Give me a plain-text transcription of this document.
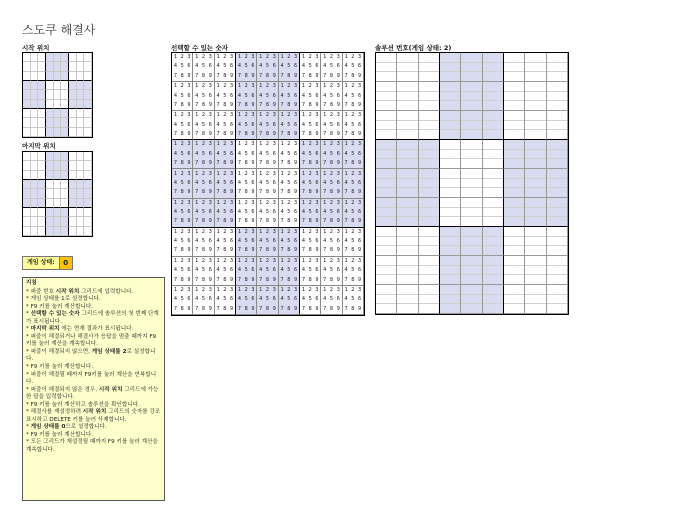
스도쿠 해결사
시작 위치
마지막 위치
선택할 수 있는 숫자
1 2 3
4 5 6
7 8 9
1 2 3
4 5 6
7 8 9
1 2 3
4 5 6
7 8 9
1 2 3
4 5 6
7 8 9
1 2 3
4 5 6
7 8 9
1 2 3
4 5 6
7 8 9
1 2 3
4 5 6
7 8 9
1 2 3
4 5 6
7 8 9
1 2 3
4 5 6
7 8 9
1 2 3
4 5 6
7 8 9
1 2 3
4 5 6
7 8 9
1 2 3
4 5 6
7 8 9
1 2 3
4 5 6
7 8 9
1 2 3
4 5 6
7 8 9
1 2 3
4 5 6
7 8 9
1 2 3
4 5 6
7 8 9
1 2 3
4 5 6
7 8 9
1 2 3
4 5 6
7 8 9
1 2 3
4 5 6
7 8 9
1 2 3
4 5 6
7 8 9
1 2 3
4 5 6
7 8 9
1 2 3
4 5 6
7 8 9
1 2 3
4 5 6
7 8 9
1 2 3
4 5 6
7 8 9
1 2 3
4 5 6
7 8 9
1 2 3
4 5 6
7 8 9
1 2 3
4 5 6
7 8 9
1 2 3
4 5 6
7 8 9
1 2 3
4 5 6
7 8 9
1 2 3
4 5 6
7 8 9
1 2 3
4 5 6
7 8 9
1 2 3
4 5 6
7 8 9
1 2 3
4 5 6
7 8 9
1 2 3
4 5 6
7 8 9
1 2 3
4 5 6
7 8 9
1 2 3
4 5 6
7 8 9
1 2 3
4 5 6
7 8 9
1 2 3
4 5 6
7 8 9
1 2 3
4 5 6
7 8 9
1 2 3
4 5 6
7 8 9
1 2 3
4 5 6
7 8 9
1 2 3
4 5 6
7 8 9
1 2 3
4 5 6
7 8 9
1 2 3
4 5 6
7 8 9
1 2 3
4 5 6
7 8 9
1 2 3
4 5 6
7 8 9
1 2 3
4 5 6
7 8 9
1 2 3
4 5 6
7 8 9
1 2 3
4 5 6
7 8 9
1 2 3
4 5 6
7 8 9
1 2 3
4 5 6
7 8 9
1 2 3
4 5 6
7 8 9
1 2 3
4 5 6
7 8 9
1 2 3
4 5 6
7 8 9
1 2 3
4 5 6
7 8 9
1 2 3
4 5 6
7 8 9
1 2 3
4 5 6
7 8 9
1 2 3
4 5 6
7 8 9
1 2 3
4 5 6
7 8 9
1 2 3
4 5 6
7 8 9
1 2 3
4 5 6
7 8 9
1 2 3
4 5 6
7 8 9
1 2 3
4 5 6
7 8 9
1 2 3
4 5 6
7 8 9
1 2 3
4 5 6
7 8 9
1 2 3
4 5 6
7 8 9
1 2 3
4 5 6
7 8 9
1 2 3
4 5 6
7 8 9
1 2 3
4 5 6
7 8 9
1 2 3
4 5 6
7 8 9
1 2 3
4 5 6
7 8 9
1 2 3
4 5 6
7 8 9
1 2 3
4 5 6
7 8 9
1 2 3
4 5 6
7 8 9
1 2 3
4 5 6
7 8 9
1 2 3
4 5 6
7 8 9
1 2 3
4 5 6
7 8 9
1 2 3
4 5 6
7 8 9
1 2 3
4 5 6
7 8 9
1 2 3
4 5 6
7 8 9
1 2 3
4 5 6
7 8 9
솔루션 번호(게임 상태: 2)
게임 상태:	0
지침

* 퍼즐 번호 시작 위치 그리드에 입력합니다.

* 게임 상태를 1로 설정합니다.

* F9 키를 눌러 계산합니다.

* 선택할 수 있는 숫자 그리드에 솔루션의 첫 번째 단계가 표시됩니다.

* 마지막 위치 에는 현재 결과가 표시됩니다.

* 퍼즐이 해결되거나 해결사가 응답을 멈출 때까지 F9 키를 눌러 계산을 계속합니다.

* 퍼즐이 해결되지 않으면, 게임 상태를 2로 설정합니다.

* F9 키를 눌러 계산합니다.

* 퍼즐이 해결될 때까지 F9키를 눌러 계산을 반복합니다.

* 퍼즐이 해결되지 않은 경우, 시작 위치 그리드에 가능한 답을 입력합니다.

* F9 키를 눌러 계산하고 솔루션을 확인합니다.

* 해결사를 재설정하려 시작 위치 그리드의 숫자를 강조 표시하고 DELETE 키를 눌러 삭제합니다.

* 게임 상태를 0으로 설정합니다.

* F9 키를 눌러 계산합니다.

* 모든 그리드가 재설정될 때까지 F9 키를 눌러 계산을 계속합니다.
